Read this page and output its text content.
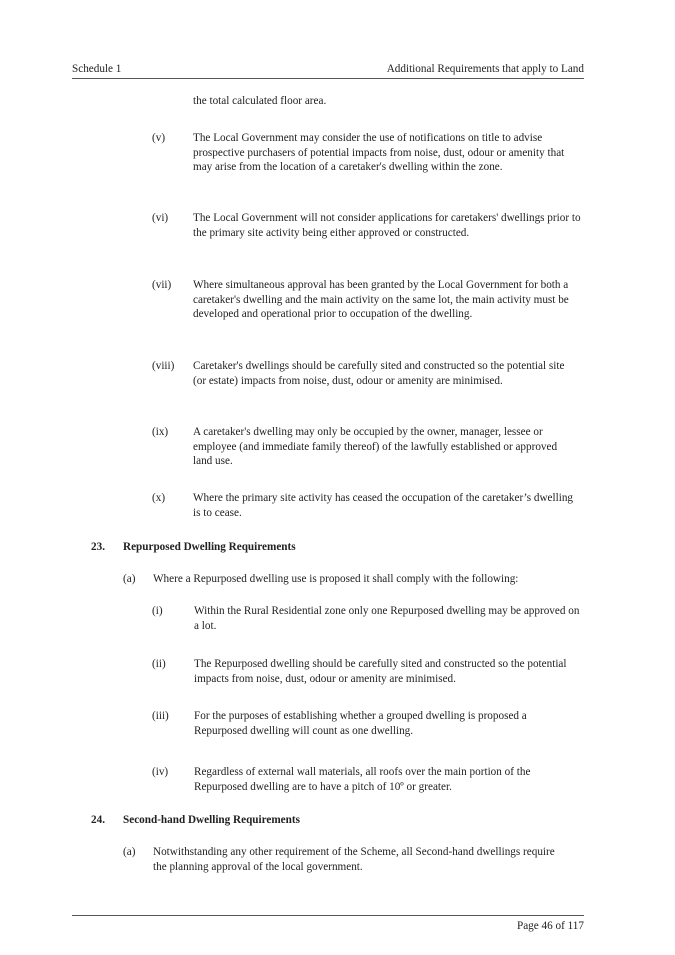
Schedule 1	Additional Requirements that apply to Land
the total calculated floor area.
(v) The Local Government may consider the use of notifications on title to advise prospective purchasers of potential impacts from noise, dust, odour or amenity that may arise from the location of a caretaker's dwelling within the zone.
(vi) The Local Government will not consider applications for caretakers' dwellings prior to the primary site activity being either approved or constructed.
(vii) Where simultaneous approval has been granted by the Local Government for both a caretaker's dwelling and the main activity on the same lot, the main activity must be developed and operational prior to occupation of the dwelling.
(viii) Caretaker's dwellings should be carefully sited and constructed so the potential site (or estate) impacts from noise, dust, odour or amenity are minimised.
(ix) A caretaker's dwelling may only be occupied by the owner, manager, lessee or employee (and immediate family thereof) of the lawfully established or approved land use.
(x) Where the primary site activity has ceased the occupation of the caretaker’s dwelling is to cease.
23. Repurposed Dwelling Requirements
(a) Where a Repurposed dwelling use is proposed it shall comply with the following:
(i)	Within the Rural Residential zone only one Repurposed dwelling may be approved on a lot.
(ii)	The Repurposed dwelling should be carefully sited and constructed so the potential impacts from noise, dust, odour or amenity are minimised.
(iii) For the purposes of establishing whether a grouped dwelling is proposed a Repurposed dwelling will count as one dwelling.
(iv) Regardless of external wall materials, all roofs over the main portion of the Repurposed dwelling are to have a pitch of 10º or greater.
24. Second-hand Dwelling Requirements
(a) Notwithstanding any other requirement of the Scheme, all Second-hand dwellings require the planning approval of the local government.
Page 46 of 117
